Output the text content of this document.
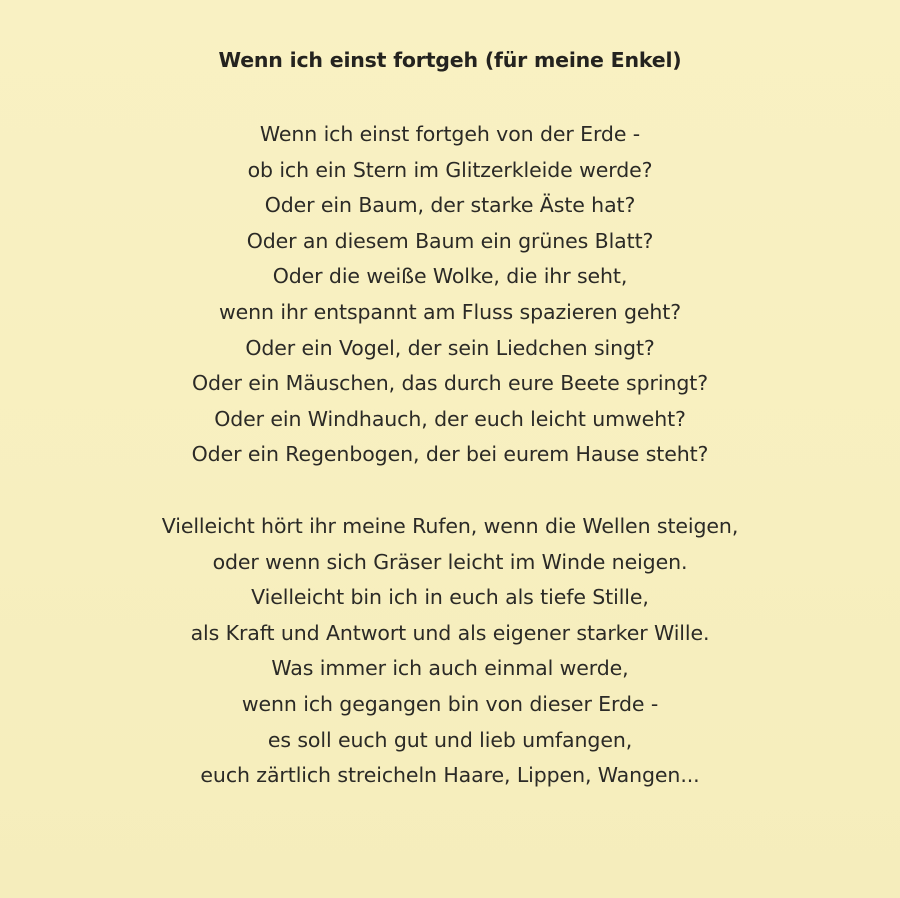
Wenn ich einst fortgeh (für meine Enkel)
Wenn ich einst fortgeh von der Erde -
ob ich ein Stern im Glitzerkleide werde?
Oder ein Baum, der starke Äste hat?
Oder an diesem Baum ein grünes Blatt?
Oder die weiße Wolke, die ihr seht,
wenn ihr entspannt am Fluss spazieren geht?
Oder ein Vogel, der sein Liedchen singt?
Oder ein Mäuschen, das durch eure Beete springt?
Oder ein Windhauch, der euch leicht umweht?
Oder ein Regenbogen, der bei eurem Hause steht?
Vielleicht hört ihr meine Rufen, wenn die Wellen steigen,
oder wenn sich Gräser leicht im Winde neigen.
Vielleicht bin ich in euch als tiefe Stille,
als Kraft und Antwort und als eigener starker Wille.
Was immer ich auch einmal werde,
wenn ich gegangen bin von dieser Erde -
es soll euch gut und lieb umfangen,
euch zärtlich streicheln Haare, Lippen, Wangen...
